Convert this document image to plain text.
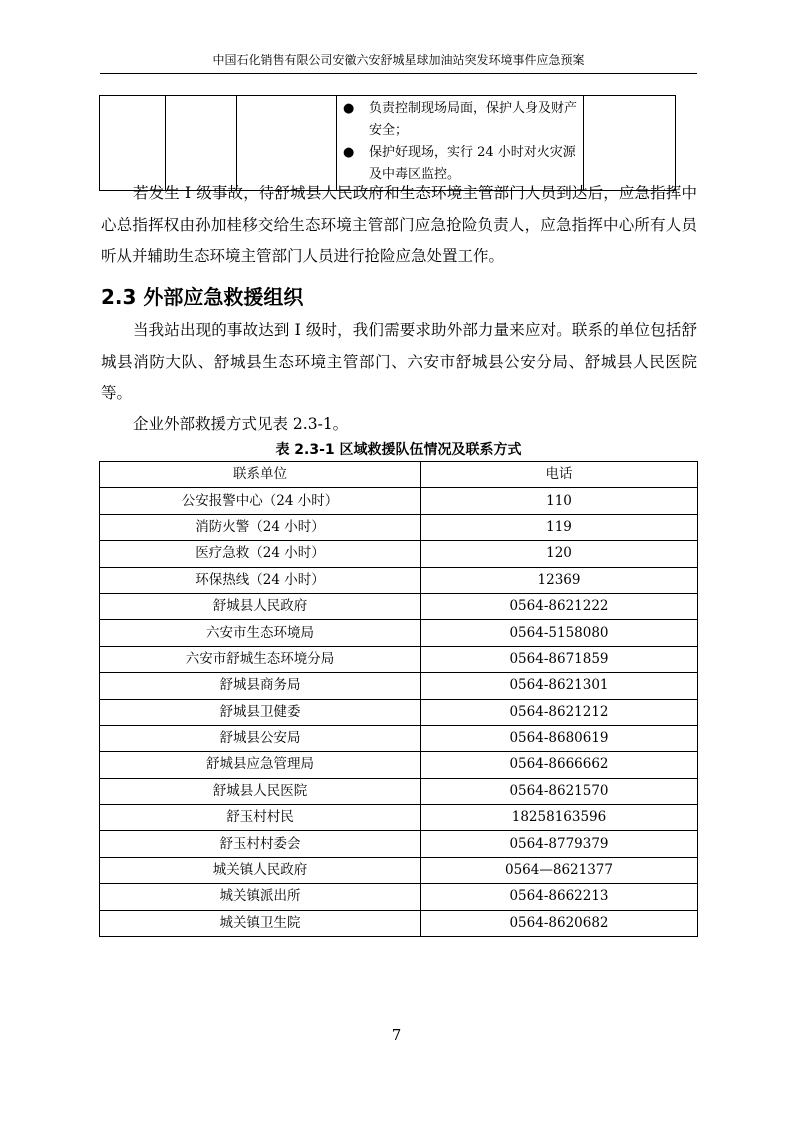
中国石化销售有限公司安徽六安舒城星球加油站突发环境事件应急预案

●	负责控制现场局面，保护人身及财产安全；
●	保护好现场，实行 24 小时对火灾源及中毒区监控。

若发生 I 级事故，待舒城县人民政府和生态环境主管部门人员到达后，应急指挥中心总指挥权由孙加桂移交给生态环境主管部门应急抢险负责人，应急指挥中心所有人员听从并辅助生态环境主管部门人员进行抢险应急处置工作。

2.3 外部应急救援组织

当我站出现的事故达到 I 级时，我们需要求助外部力量来应对。联系的单位包括舒城县消防大队、舒城县生态环境主管部门、六安市舒城县公安分局、舒城县人民医院等。

企业外部救援方式见表 2.3-1。

表 2.3-1 区域救援队伍情况及联系方式
联系单位	电话
公安报警中心（24 小时）	110
消防火警（24 小时）	119
医疗急救（24 小时）	120
环保热线（24 小时）	12369
舒城县人民政府	0564-8621222
六安市生态环境局	0564-5158080
六安市舒城生态环境分局	0564-8671859
舒城县商务局	0564-8621301
舒城县卫健委	0564-8621212
舒城县公安局	0564-8680619
舒城县应急管理局	0564-8666662
舒城县人民医院	0564-8621570
舒玉村村民	18258163596
舒玉村村委会	0564-8779379
城关镇人民政府	0564—8621377
城关镇派出所	0564-8662213
城关镇卫生院	0564-8620682
7
